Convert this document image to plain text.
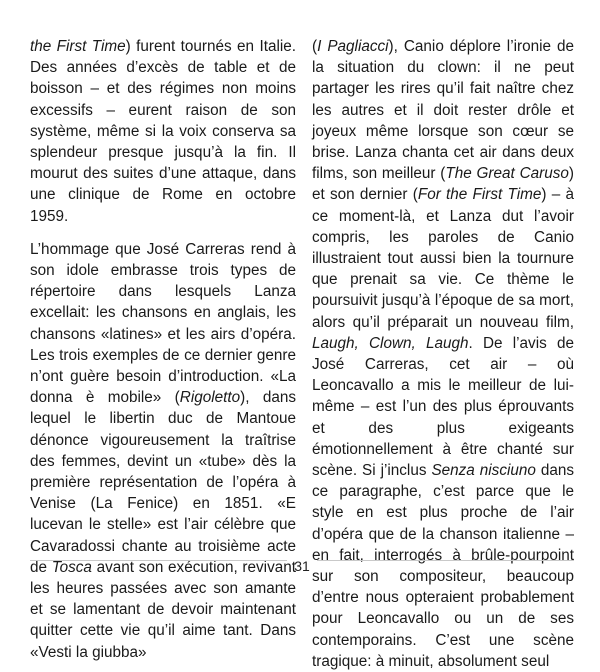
the First Time) furent tournés en Italie. Des années d’excès de table et de boisson – et des régimes non moins excessifs – eurent raison de son système, même si la voix conserva sa splendeur presque jusqu’à la fin. Il mourut des suites d’une attaque, dans une clinique de Rome en octobre 1959.

L’hommage que José Carreras rend à son idole embrasse trois types de répertoire dans lesquels Lanza excellait: les chansons en anglais, les chansons «latines» et les airs d’opéra. Les trois exemples de ce dernier genre n’ont guère besoin d’introduction. «La donna è mobile» (Rigoletto), dans lequel le libertin duc de Mantoue dénonce vigoureusement la traîtrise des femmes, devint un «tube» dès la première représentation de l’opéra à Venise (La Fenice) en 1851. «E lucevan le stelle» est l’air célèbre que Cavaradossi chante au troisième acte de Tosca avant son exécution, revivant les heures passées avec son amante et se lamentant de devoir maintenant quitter cette vie qu’il aime tant. Dans «Vesti la giubba»

(I Pagliacci), Canio déplore l’ironie de la situation du clown: il ne peut partager les rires qu’il fait naître chez les autres et il doit rester drôle et joyeux même lorsque son cœur se brise. Lanza chanta cet air dans deux films, son meilleur (The Great Caruso) et son dernier (For the First Time) – à ce moment-là, et Lanza dut l’avoir compris, les paroles de Canio illustraient tout aussi bien la tournure que prenait sa vie. Ce thème le poursuivit jusqu’à l’époque de sa mort, alors qu’il préparait un nouveau film, Laugh, Clown, Laugh. De l’avis de José Carreras, cet air – où Leoncavallo a mis le meilleur de lui-même – est l’un des plus éprouvants et des plus exigeants émotionnellement à être chanté sur scène. Si j’inclus Senza nisciuno dans ce paragraphe, c’est parce que le style en est plus proche de l’air d’opéra que de la chanson italienne – en fait, interrogés à brûle-pourpoint sur son compositeur, beaucoup d’entre nous opteraient probablement pour Leoncavallo ou un de ses contemporains. C’est une scène tragique: à minuit, absolument seul

31
